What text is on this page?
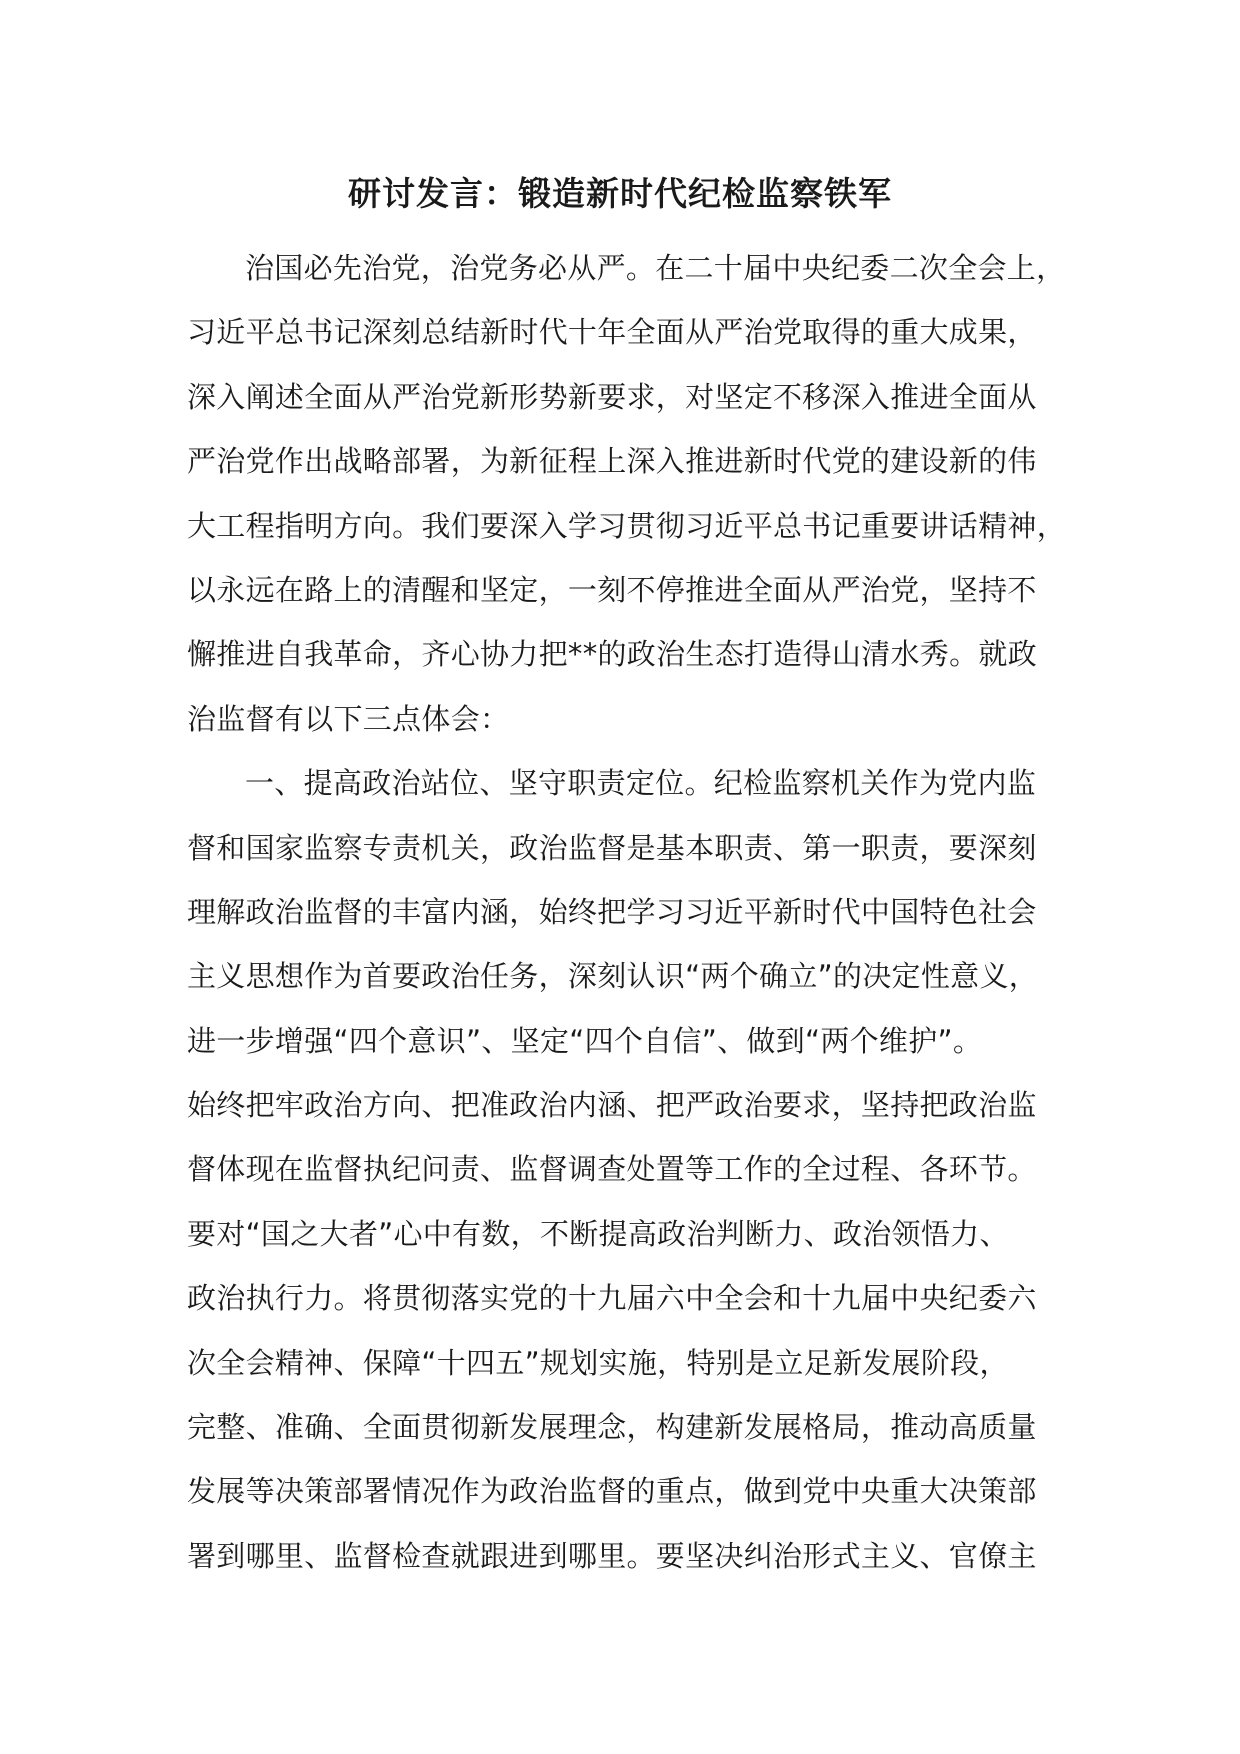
研讨发言：锻造新时代纪检监察铁军
治国必先治党，治党务必从严。在二十届中央纪委二次全会上，
习近平总书记深刻总结新时代十年全面从严治党取得的重大成果，
深入阐述全面从严治党新形势新要求，对坚定不移深入推进全面从
严治党作出战略部署，为新征程上深入推进新时代党的建设新的伟
大工程指明方向。我们要深入学习贯彻习近平总书记重要讲话精神，
以永远在路上的清醒和坚定，一刻不停推进全面从严治党，坚持不
懈推进自我革命，齐心协力把**的政治生态打造得山清水秀。就政
治监督有以下三点体会：
一、提高政治站位、坚守职责定位。纪检监察机关作为党内监
督和国家监察专责机关，政治监督是基本职责、第一职责，要深刻
理解政治监督的丰富内涵，始终把学习习近平新时代中国特色社会
主义思想作为首要政治任务，深刻认识“两个确立”的决定性意义，
进一步增强“四个意识”、坚定“四个自信”、做到“两个维护”。
始终把牢政治方向、把准政治内涵、把严政治要求，坚持把政治监
督体现在监督执纪问责、监督调查处置等工作的全过程、各环节。
要对“国之大者”心中有数，不断提高政治判断力、政治领悟力、
政治执行力。将贯彻落实党的十九届六中全会和十九届中央纪委六
次全会精神、保障“十四五”规划实施，特别是立足新发展阶段，
完整、准确、全面贯彻新发展理念，构建新发展格局，推动高质量
发展等决策部署情况作为政治监督的重点，做到党中央重大决策部
署到哪里、监督检查就跟进到哪里。要坚决纠治形式主义、官僚主
